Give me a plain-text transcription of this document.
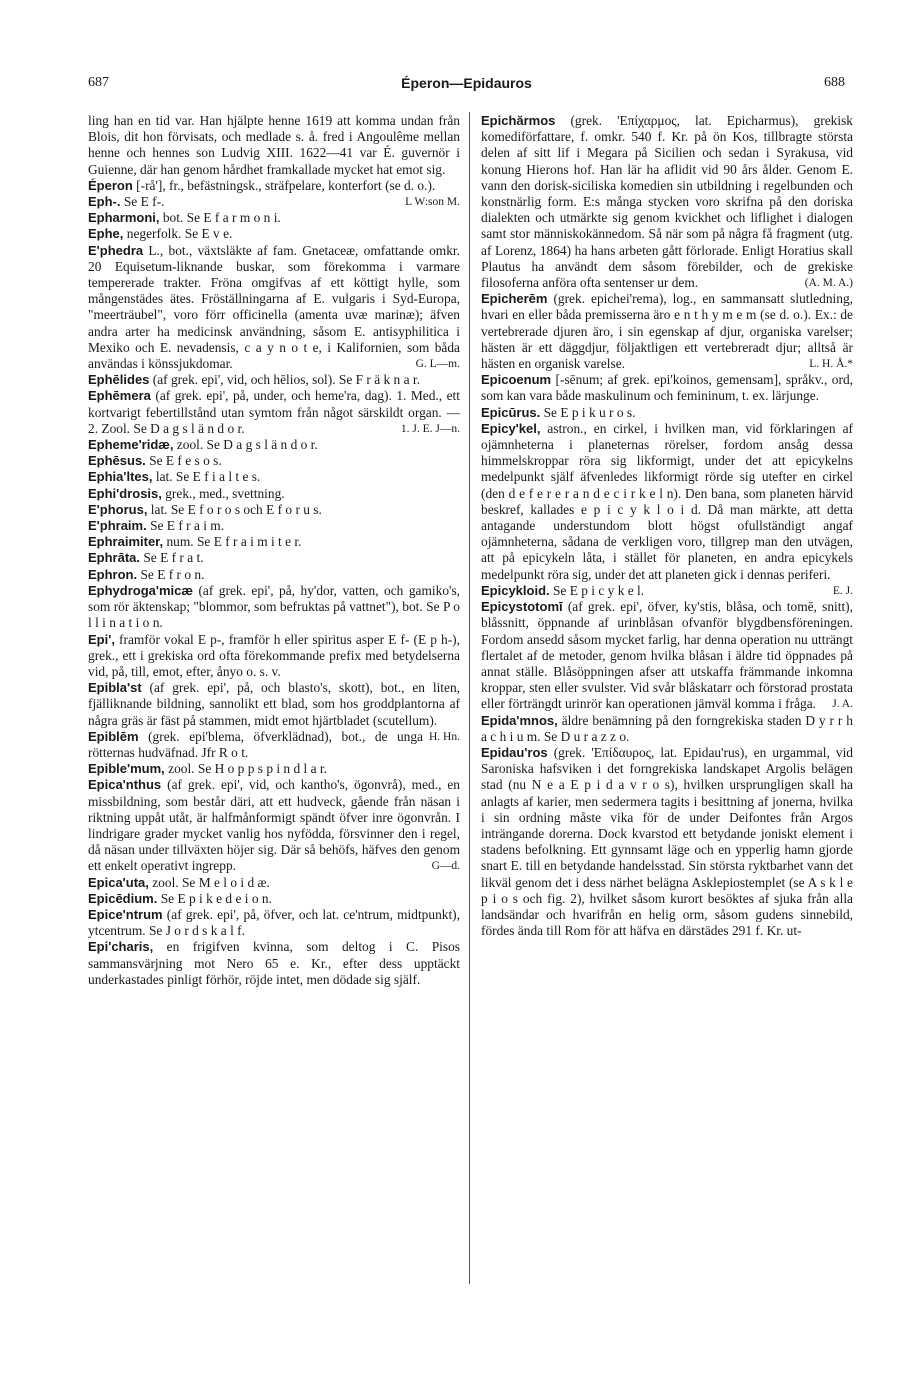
687	Éperon—Epidauros	688

ling han en tid var. Han hjälpte henne 1619 att komma undan från Blois, dit hon förvisats, och medlade s. å. fred i Angoulême mellan henne och hennes son Ludvig XIII. 1622—41 var É. guvernör i Guienne, där han genom hårdhet framkallade mycket hat emot sig.

Éperon [-rå'], fr., befästningsk., sträfpelare, konterfort (se d. o.).
L W:son M.

Eph-. Se E f-.

Epharmoni, bot. Se E f a r m o n i.

Ephe, negerfolk. Se E v e.

E'phedra L., bot., växtsläkte af fam. Gnetaceæ, omfattande omkr. 20 Equisetum-liknande buskar, som förekomma i varmare tempererade trakter. Fröna omgifvas af ett köttigt hylle, som mångenstädes ätes. Fröställningarna af E. vulgaris i Syd-Europa, "meerträubel", voro förr officinella (amenta uvæ marinæ); äfven andra arter ha medicinsk användning, såsom E. antisyphilitica i Mexiko och E. nevadensis, c a y n o t e, i Kalifornien, som båda användas i könssjukdomar.	G. L—m.

Ephēlides (af grek. epi', vid, och hēlios, sol). Se F r ä k n a r.

Ephēmera (af grek. epi', på, under, och heme'ra, dag). 1. Med., ett kortvarigt febertillstånd utan symtom från något särskildt organ. — 2. Zool. Se D a g s l ä n d o r.	1. J. E. J—n.

Epheme'ridæ, zool. Se D a g s l ä n d o r.

Ephēsus. Se E f e s o s.

Ephia'ltes, lat. Se E f i a l t e s.

Ephi'drosis, grek., med., svettning.

E'phorus, lat. Se E f o r o s och E f o r u s.

E'phraim. Se E f r a i m.

Ephraimiter, num. Se E f r a i m i t e r.

Ephrāta. Se E f r a t.

Ephron. Se E f r o n.

Ephydroga'micæ (af grek. epi', på, hy'dor, vatten, och gamiko's, som rör äktenskap; "blommor, som befruktas på vattnet"), bot. Se P o l l i n a t i o n.

Epi', framför vokal E p-, framför h eller spiritus asper E f- (E p h-), grek., ett i grekiska ord ofta förekommande prefix med betydelserna vid, på, till, emot, efter, ånyo o. s. v.

Epibla'st (af grek. epi', på, och blasto's, skott), bot., en liten, fjälliknande bildning, sannolikt ett blad, som hos groddplantorna af några gräs är fäst på stammen, midt emot hjärtbladet (scutellum).
H. Hn.

Epiblēm (grek. epi'blema, öfverklädnad), bot., de unga rötternas hudväfnad. Jfr R o t.

Epible'mum, zool. Se H o p p s p i n d l a r.

Epica'nthus (af grek. epi', vid, och kantho's, ögonvrå), med., en missbildning, som består däri, att ett hudveck, gående från näsan i riktning uppåt utåt, är halfmånformigt spändt öfver inre ögonvrån. I lindrigare grader mycket vanlig hos nyfödda, försvinner den i regel, då näsan under tillväxten höjer sig. Där så behöfs, häfves den genom ett enkelt operativt ingrepp.	G—d.

Epica'uta, zool. Se M e l o i d æ.

Epicēdium. Se E p i k e d e i o n.

Epice'ntrum (af grek. epi', på, öfver, och lat. ce'ntrum, midtpunkt), ytcentrum. Se J o r d s k a l f.

Epi'charis, en frigifven kvinna, som deltog i C. Pisos sammansvärjning mot Nero 65 e. Kr., efter dess upptäckt underkastades pinligt förhör, röjde intet, men dödade sig själf.

Epichărmos (grek. 'Επίχαρμος, lat. Epicharmus), grekisk komediförfattare, f. omkr. 540 f. Kr. på ön Kos, tillbragte största delen af sitt lif i Megara på Sicilien och sedan i Syrakusa, vid konung Hierons hof. Han lär ha aflidit vid 90 års ålder. Genom E. vann den dorisk-siciliska komedien sin utbildning i regelbunden och konstnärlig form. E:s många stycken voro skrifna på den doriska dialekten och utmärkte sig genom kvickhet och liflighet i dialogen samt stor människokännedom. Så när som på några få fragment (utg. af Lorenz, 1864) ha hans arbeten gått förlorade. Enligt Horatius skall Plautus ha användt dem såsom förebilder, och de grekiske filosoferna anföra ofta sentenser ur dem.	(A. M. A.)

Epicherēm (grek. epichei'rema), log., en sammansatt slutledning, hvari en eller båda premisserna äro e n t h y m e m (se d. o.). Ex.: de vertebrerade djuren äro, i sin egenskap af djur, organiska varelser; hästen är ett däggdjur, följaktligen ett vertebreradt djur; alltså är hästen en organisk varelse.	L. H. Å.*

Epicoenum [-sēnum; af grek. epi'koinos, gemensam], språkv., ord, som kan vara både maskulinum och femininum, t. ex. lärjunge.

Epicūrus. Se E p i k u r o s.

Epicy'kel, astron., en cirkel, i hvilken man, vid förklaringen af ojämnheterna i planeternas rörelser, fordom ansåg dessa himmelskroppar röra sig likformigt, under det att epicykelns medelpunkt själf äfvenledes likformigt rörde sig utefter en cirkel (den d e f e r e r a n d e c i r k e l n). Den bana, som planeten härvid beskref, kallades e p i c y k l o i d. Då man märkte, att detta antagande understundom blott högst ofullständigt angaf ojämnheterna, sådana de verkligen voro, tillgrep man den utvägen, att på epicykeln låta, i stället för planeten, en andra epicykels medelpunkt röra sig, under det att planeten gick i dennas periferi.
E. J.

Epicykloid. Se E p i c y k e l.

Epicystotomī (af grek. epi', öfver, ky'stis, blåsa, och tomē, snitt), blåssnitt, öppnande af urinblåsan ofvanför blygdbensföreningen. Fordom ansedd såsom mycket farlig, har denna operation nu utträngt flertalet af de metoder, genom hvilka blåsan i äldre tid öppnades på annat ställe. Blåsöppningen afser att utskaffa främmande inkomna kroppar, sten eller svulster. Vid svår blåskatarr och förstorad prostata eller förträngdt urinrör kan operationen jämväl komma i fråga. J. A.

Epida'mnos, äldre benämning på den forngrekiska staden D y r r h a c h i u m. Se D u r a z z o.

Epidau'ros (grek. 'Επίδαυρος, lat. Epidau'rus), en urgammal, vid Saroniska hafsviken i det forngrekiska landskapet Argolis belägen stad (nu N e a E p i d a v r o s), hvilken ursprungligen skall ha anlagts af karier, men sedermera tagits i besittning af jonerna, hvilka i sin ordning måste vika för de under Deifontes från Argos inträngande dorerna. Dock kvarstod ett betydande joniskt element i stadens befolkning. Ett gynnsamt läge och en ypperlig hamn gjorde snart E. till en betydande handelsstad. Sin största ryktbarhet vann det likväl genom det i dess närhet belägna Asklepiostemplet (se A s k l e p i o s och fig. 2), hvilket såsom kurort besöktes af sjuka från alla landsändar och hvarifrån en helig orm, såsom gudens sinnebild, fördes ända till Rom för att häfva en därstädes 291 f. Kr. ut-
